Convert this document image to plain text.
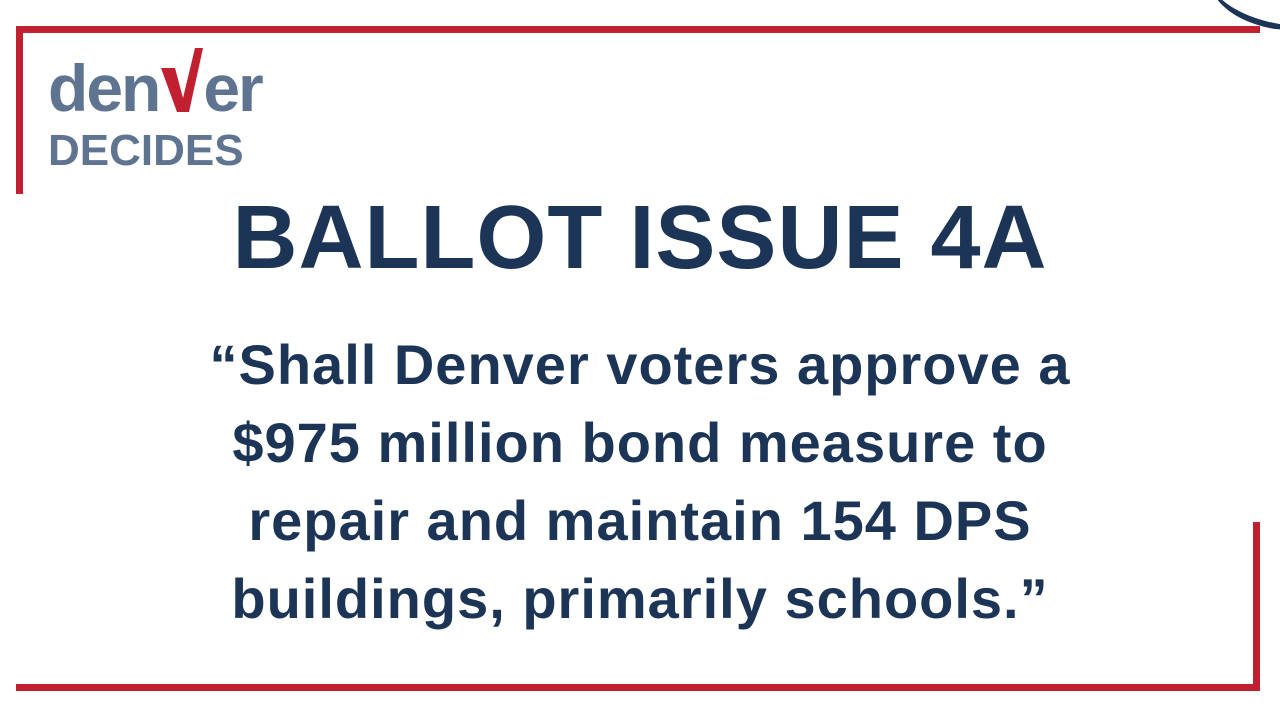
den er
DECIDES
BALLOT ISSUE 4A
“Shall Denver voters approve a
$975 million bond measure to
repair and maintain 154 DPS
buildings, primarily schools.”
